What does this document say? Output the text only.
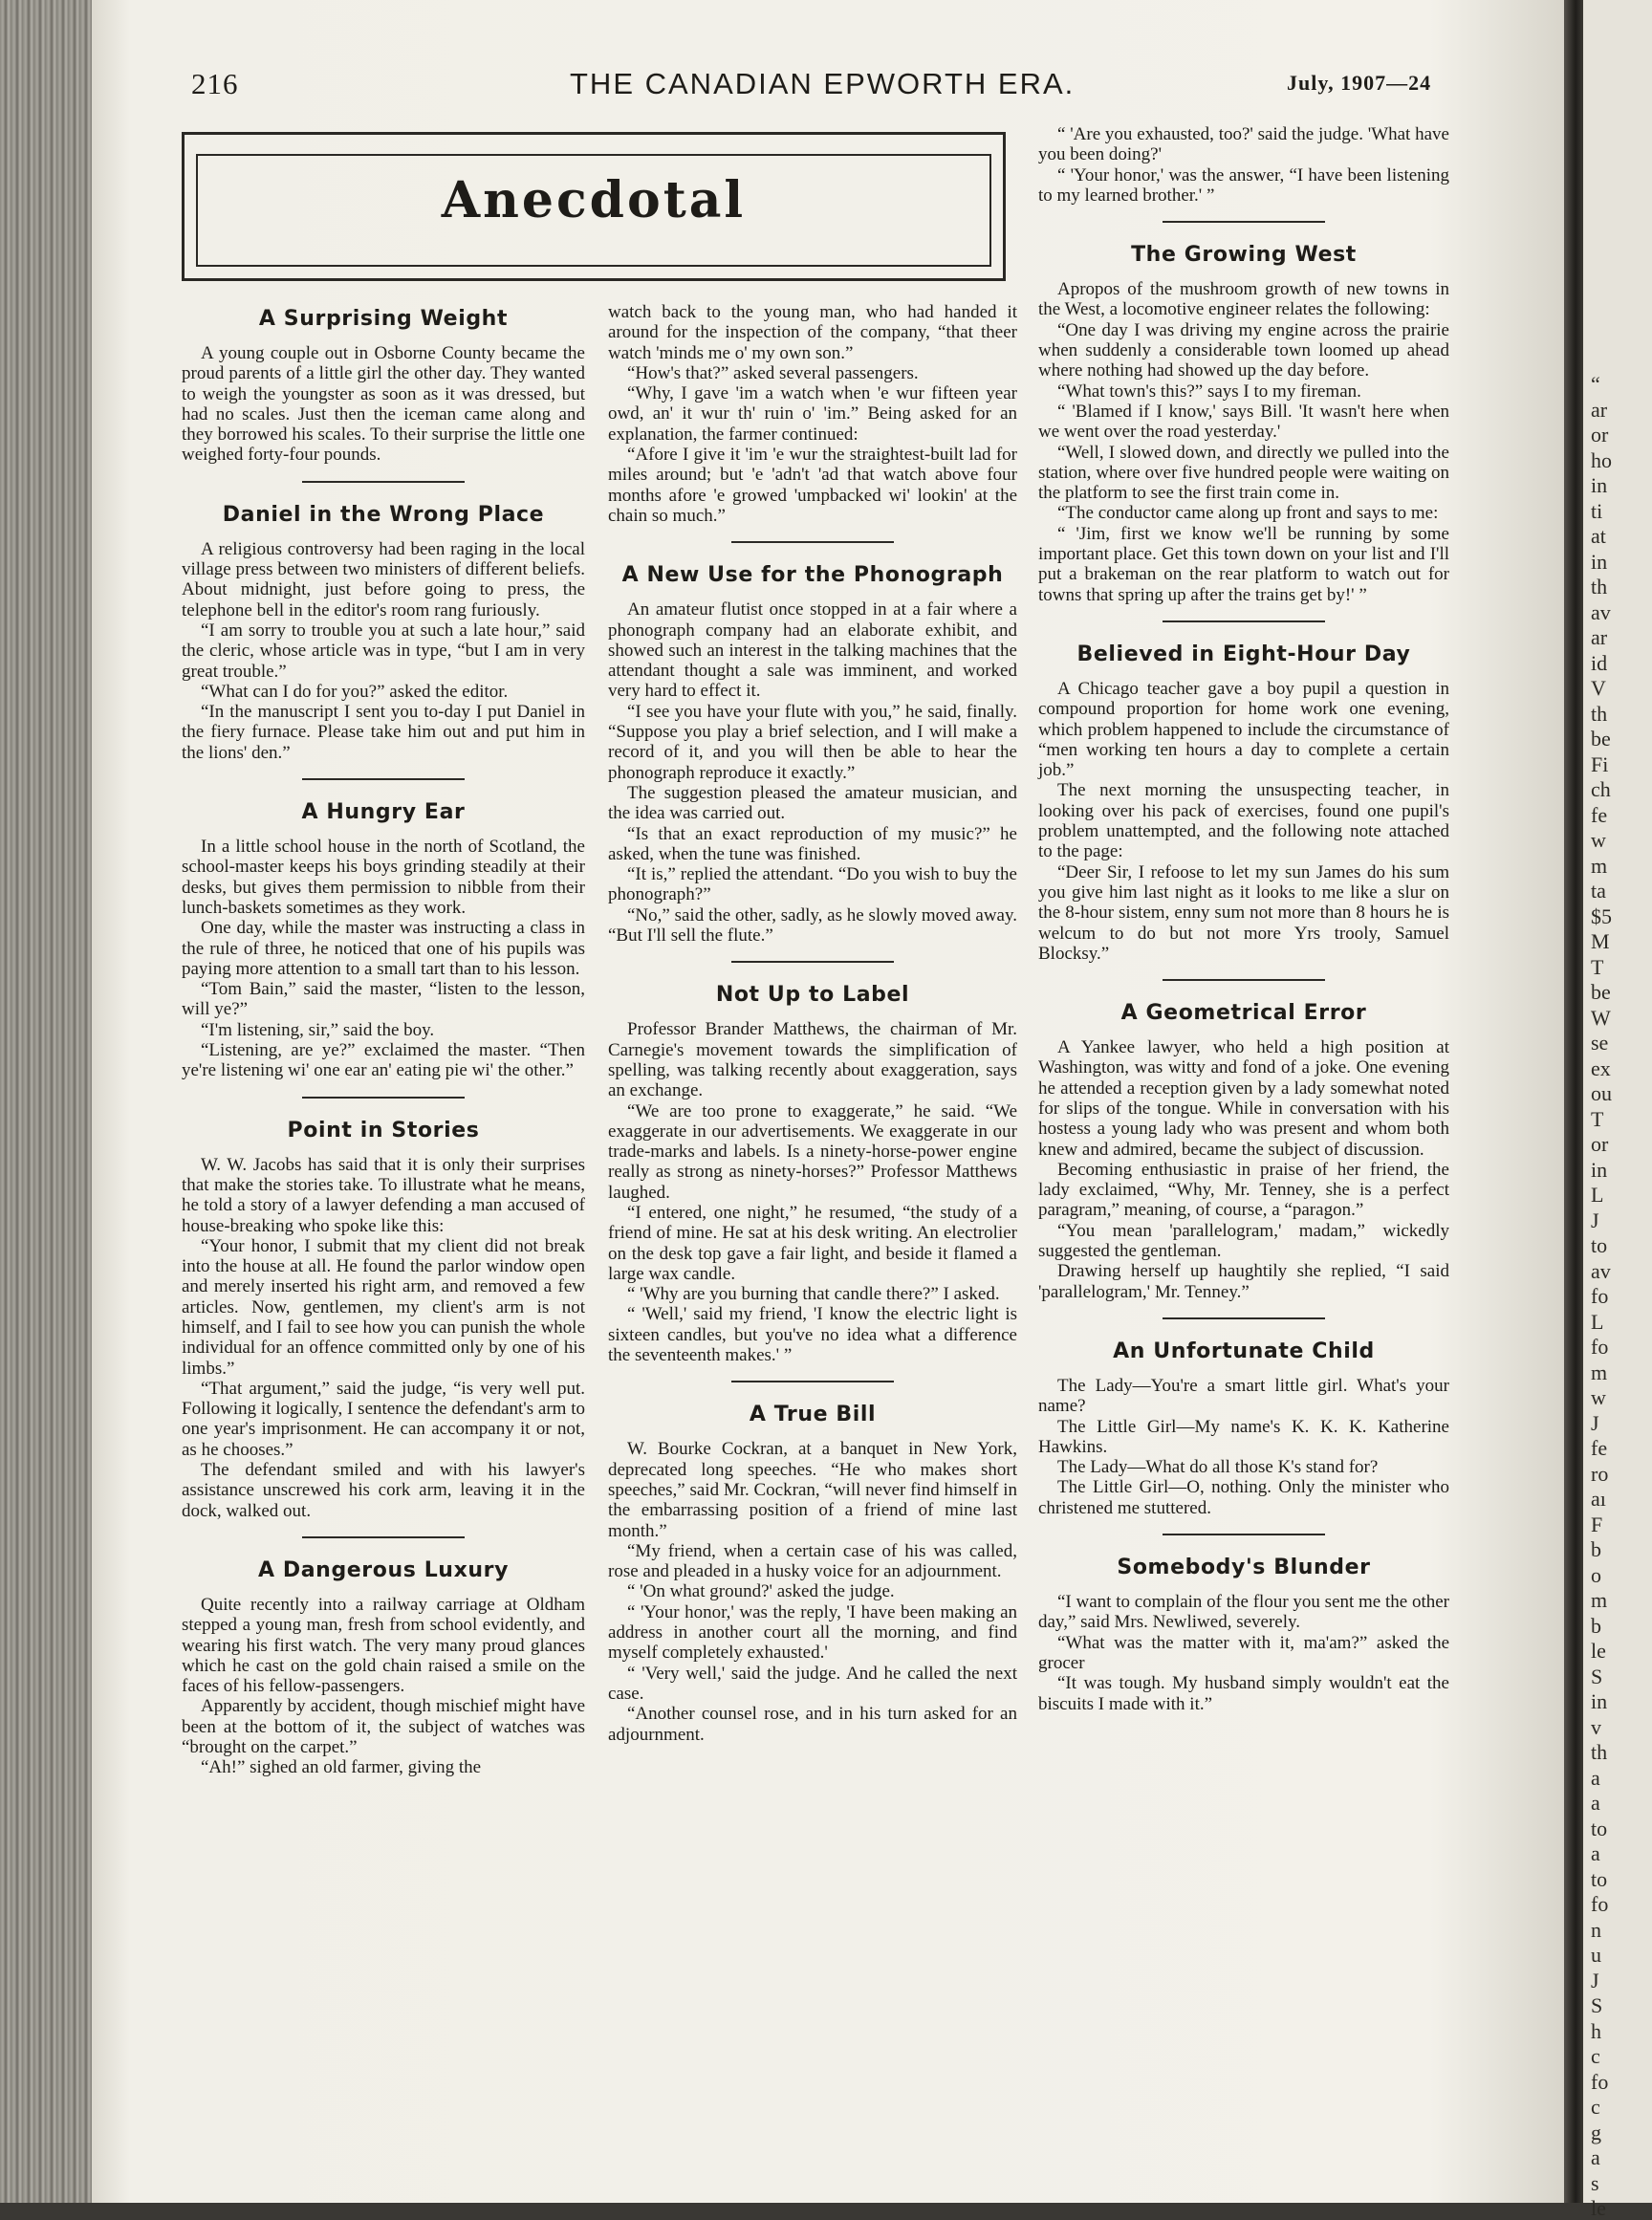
216	THE CANADIAN EPWORTH ERA.	July, 1907—24
Anecdotal
A Surprising Weight

A young couple out in Osborne County became the proud parents of a little girl the other day. They wanted to weigh the youngster as soon as it was dressed, but had no scales. Just then the iceman came along and they borrowed his scales. To their surprise the little one weighed forty-four pounds.

Daniel in the Wrong Place

A religious controversy had been raging in the local village press between two ministers of different beliefs. About midnight, just before going to press, the telephone bell in the editor's room rang furiously.

“I am sorry to trouble you at such a late hour,” said the cleric, whose article was in type, “but I am in very great trouble.”

“What can I do for you?” asked the editor.

“In the manuscript I sent you to-day I put Daniel in the fiery furnace. Please take him out and put him in the lions' den.”

A Hungry Ear

In a little school house in the north of Scotland, the school-master keeps his boys grinding steadily at their desks, but gives them permission to nibble from their lunch-baskets sometimes as they work.

One day, while the master was instructing a class in the rule of three, he noticed that one of his pupils was paying more attention to a small tart than to his lesson.

“Tom Bain,” said the master, “listen to the lesson, will ye?”

“I'm listening, sir,” said the boy.

“Listening, are ye?” exclaimed the master. “Then ye're listening wi' one ear an' eating pie wi' the other.”

Point in Stories

W. W. Jacobs has said that it is only their surprises that make the stories take. To illustrate what he means, he told a story of a lawyer defending a man accused of house-breaking who spoke like this:

“Your honor, I submit that my client did not break into the house at all. He found the parlor window open and merely inserted his right arm, and removed a few articles. Now, gentlemen, my client's arm is not himself, and I fail to see how you can punish the whole individual for an offence committed only by one of his limbs.”

“That argument,” said the judge, “is very well put. Following it logically, I sentence the defendant's arm to one year's imprisonment. He can accompany it or not, as he chooses.”

The defendant smiled and with his lawyer's assistance unscrewed his cork arm, leaving it in the dock, walked out.

A Dangerous Luxury

Quite recently into a railway carriage at Oldham stepped a young man, fresh from school evidently, and wearing his first watch. The very many proud glances which he cast on the gold chain raised a smile on the faces of his fellow-passengers.

Apparently by accident, though mischief might have been at the bottom of it, the subject of watches was “brought on the carpet.”

“Ah!” sighed an old farmer, giving the

watch back to the young man, who had handed it around for the inspection of the company, “that theer watch 'minds me o' my own son.”

“How's that?” asked several passengers.

“Why, I gave 'im a watch when 'e wur fifteen year owd, an' it wur th' ruin o' 'im.” Being asked for an explanation, the farmer continued:

“Afore I give it 'im 'e wur the straightest-built lad for miles around; but 'e 'adn't 'ad that watch above four months afore 'e growed 'umpbacked wi' lookin' at the chain so much.”

A New Use for the Phonograph

An amateur flutist once stopped in at a fair where a phonograph company had an elaborate exhibit, and showed such an interest in the talking machines that the attendant thought a sale was imminent, and worked very hard to effect it.

“I see you have your flute with you,” he said, finally. “Suppose you play a brief selection, and I will make a record of it, and you will then be able to hear the phonograph reproduce it exactly.”

The suggestion pleased the amateur musician, and the idea was carried out.

“Is that an exact reproduction of my music?” he asked, when the tune was finished.

“It is,” replied the attendant. “Do you wish to buy the phonograph?”

“No,” said the other, sadly, as he slowly moved away. “But I'll sell the flute.”

Not Up to Label

Professor Brander Matthews, the chairman of Mr. Carnegie's movement towards the simplification of spelling, was talking recently about exaggeration, says an exchange.

“We are too prone to exaggerate,” he said. “We exaggerate in our advertisements. We exaggerate in our trade-marks and labels. Is a ninety-horse-power engine really as strong as ninety-horses?” Professor Matthews laughed.

“I entered, one night,” he resumed, “the study of a friend of mine. He sat at his desk writing. An electrolier on the desk top gave a fair light, and beside it flamed a large wax candle.

“ 'Why are you burning that candle there?” I asked.

“ 'Well,' said my friend, 'I know the electric light is sixteen candles, but you've no idea what a difference the seventeenth makes.' ”

A True Bill

W. Bourke Cockran, at a banquet in New York, deprecated long speeches. “He who makes short speeches,” said Mr. Cockran, “will never find himself in the embarrassing position of a friend of mine last month.”

“My friend, when a certain case of his was called, rose and pleaded in a husky voice for an adjournment.

“ 'On what ground?' asked the judge.

“ 'Your honor,' was the reply, 'I have been making an address in another court all the morning, and find myself completely exhausted.'

“ 'Very well,' said the judge. And he called the next case.

“Another counsel rose, and in his turn asked for an adjournment.

“ 'Are you exhausted, too?' said the judge. 'What have you been doing?'

“ 'Your honor,' was the answer, “I have been listening to my learned brother.' ”

The Growing West

Apropos of the mushroom growth of new towns in the West, a locomotive engineer relates the following:

“One day I was driving my engine across the prairie when suddenly a considerable town loomed up ahead where nothing had showed up the day before.

“What town's this?” says I to my fireman.

“ 'Blamed if I know,' says Bill. 'It wasn't here when we went over the road yesterday.'

“Well, I slowed down, and directly we pulled into the station, where over five hundred people were waiting on the platform to see the first train come in.

“The conductor came along up front and says to me:

“ 'Jim, first we know we'll be running by some important place. Get this town down on your list and I'll put a brakeman on the rear platform to watch out for towns that spring up after the trains get by!' ”

Believed in Eight-Hour Day

A Chicago teacher gave a boy pupil a question in compound proportion for home work one evening, which problem happened to include the circumstance of “men working ten hours a day to complete a certain job.”

The next morning the unsuspecting teacher, in looking over his pack of exercises, found one pupil's problem unattempted, and the following note attached to the page:

“Deer Sir, I refoose to let my sun James do his sum you give him last night as it looks to me like a slur on the 8-hour sistem, enny sum not more than 8 hours he is welcum to do but not more Yrs trooly, Samuel Blocksy.”

A Geometrical Error

A Yankee lawyer, who held a high position at Washington, was witty and fond of a joke. One evening he attended a reception given by a lady somewhat noted for slips of the tongue. While in conversation with his hostess a young lady who was present and whom both knew and admired, became the subject of discussion.

Becoming enthusiastic in praise of her friend, the lady exclaimed, “Why, Mr. Tenney, she is a perfect paragram,” meaning, of course, a “paragon.”

“You mean 'parallelogram,' madam,” wickedly suggested the gentleman.

Drawing herself up haughtily she replied, “I said 'parallelogram,' Mr. Tenney.”

An Unfortunate Child

The Lady—You're a smart little girl. What's your name?

The Little Girl—My name's K. K. K. Katherine Hawkins.

The Lady—What do all those K's stand for?

The Little Girl—O, nothing. Only the minister who christened me stuttered.

Somebody's Blunder

“I want to complain of the flour you sent me the other day,” said Mrs. Newliwed, severely.

“What was the matter with it, ma'am?” asked the grocer

“It was tough. My husband simply wouldn't eat the biscuits I made with it.”

“
ar
or
ho
in
ti
at
in
th
av
ar
id
V
th
be
Fi
ch
fe
w
m
ta
$5
M
T
be
W
se
ex
ou
T
or
in
L
J
to
av
fo
L
fo
m
w
J
fe
ro
aı
F
b
o
m
b
le
S
in
v
th
a
a
to
a
to
fo
n
u
J
S
h
c
fo
c
g
a
s
le
